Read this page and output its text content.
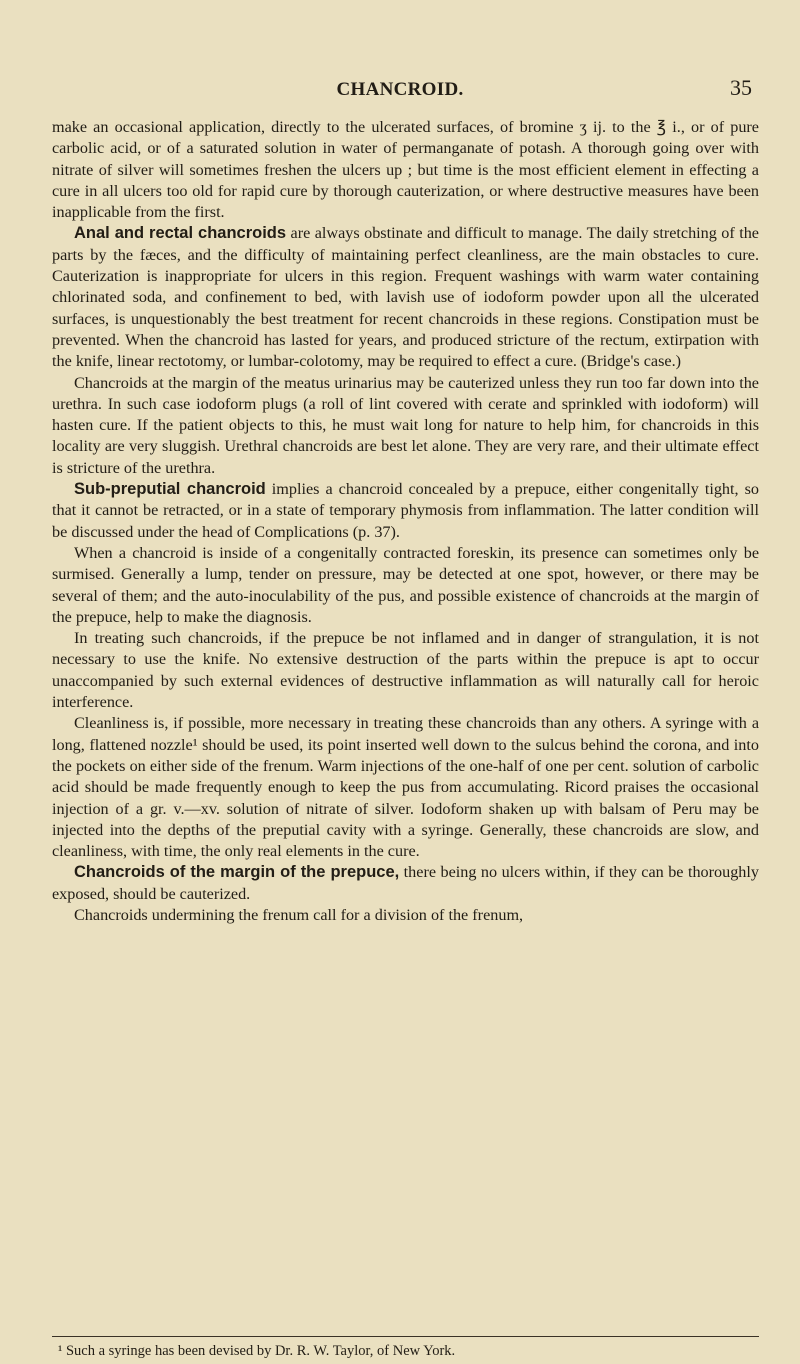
CHANCROID.	35

make an occasional application, directly to the ulcerated surfaces, of bromine ʒ ij. to the ℥ i., or of pure carbolic acid, or of a saturated solution in water of permanganate of potash. A thorough going over with nitrate of silver will sometimes freshen the ulcers up ; but time is the most efficient element in effecting a cure in all ulcers too old for rapid cure by thorough cauterization, or where destructive measures have been inapplicable from the first.

Anal and rectal chancroids are always obstinate and difficult to manage. The daily stretching of the parts by the fæces, and the difficulty of maintaining perfect cleanliness, are the main obstacles to cure. Cauterization is inappropriate for ulcers in this region. Frequent washings with warm water containing chlorinated soda, and confinement to bed, with lavish use of iodoform powder upon all the ulcerated surfaces, is unquestionably the best treatment for recent chancroids in these regions. Constipation must be prevented. When the chancroid has lasted for years, and produced stricture of the rectum, extirpation with the knife, linear rectotomy, or lumbar-colotomy, may be required to effect a cure. (Bridge's case.)

Chancroids at the margin of the meatus urinarius may be cauterized unless they run too far down into the urethra. In such case iodoform plugs (a roll of lint covered with cerate and sprinkled with iodoform) will hasten cure. If the patient objects to this, he must wait long for nature to help him, for chancroids in this locality are very sluggish. Urethral chancroids are best let alone. They are very rare, and their ultimate effect is stricture of the urethra.

Sub-preputial chancroid implies a chancroid concealed by a prepuce, either congenitally tight, so that it cannot be retracted, or in a state of temporary phymosis from inflammation. The latter condition will be discussed under the head of Complications (p. 37).

When a chancroid is inside of a congenitally contracted foreskin, its presence can sometimes only be surmised. Generally a lump, tender on pressure, may be detected at one spot, however, or there may be several of them; and the auto-inoculability of the pus, and possible existence of chancroids at the margin of the prepuce, help to make the diagnosis.

In treating such chancroids, if the prepuce be not inflamed and in danger of strangulation, it is not necessary to use the knife. No extensive destruction of the parts within the prepuce is apt to occur unaccompanied by such external evidences of destructive inflammation as will naturally call for heroic interference.

Cleanliness is, if possible, more necessary in treating these chancroids than any others. A syringe with a long, flattened nozzle¹ should be used, its point inserted well down to the sulcus behind the corona, and into the pockets on either side of the frenum. Warm injections of the one-half of one per cent. solution of carbolic acid should be made frequently enough to keep the pus from accumulating. Ricord praises the occasional injection of a gr. v.—xv. solution of nitrate of silver. Iodoform shaken up with balsam of Peru may be injected into the depths of the preputial cavity with a syringe. Generally, these chancroids are slow, and cleanliness, with time, the only real elements in the cure.

Chancroids of the margin of the prepuce, there being no ulcers within, if they can be thoroughly exposed, should be cauterized.

Chancroids undermining the frenum call for a division of the frenum,

¹ Such a syringe has been devised by Dr. R. W. Taylor, of New York.
